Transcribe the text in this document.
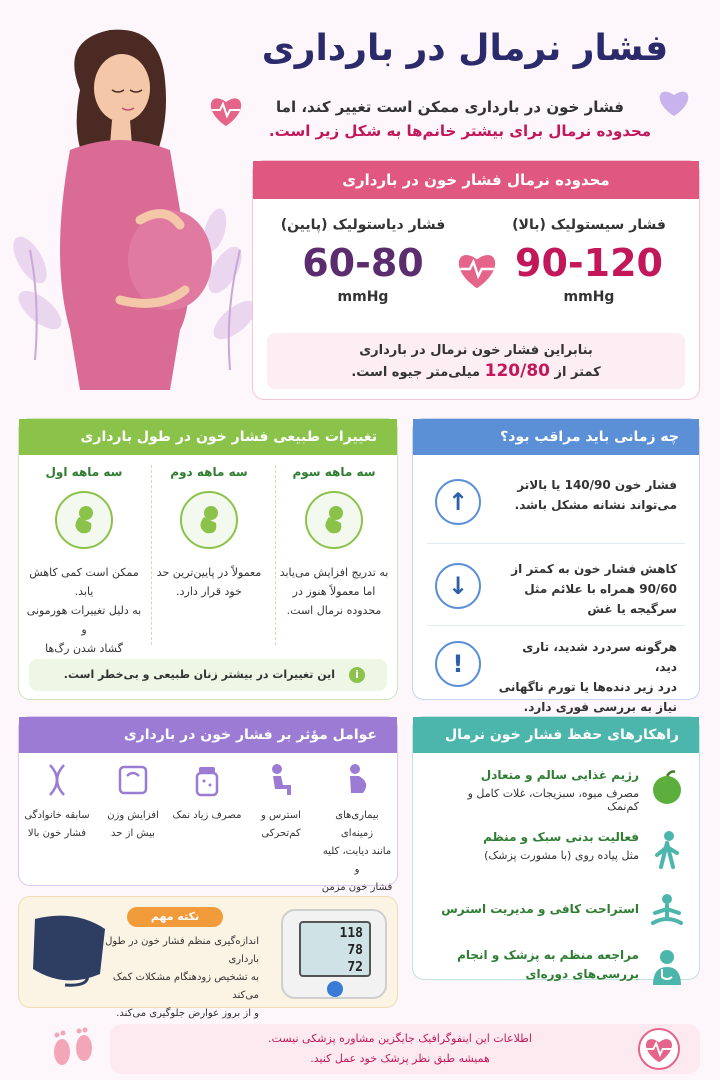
فشار نرمال در بارداری

فشار خون در بارداری ممکن است تغییر کند، اما

محدوده نرمال برای بیشتر خانم‌ها به شکل زیر است.

محدوده نرمال فشار خون در بارداری
فشار سیستولیک (بالا)
90-120
mmHg
فشار دیاستولیک (پایین)
60-80
mmHg
بنابراین فشار خون نرمال در بارداری
کمتر از 120/80 میلی‌متر جیوه است.
تغییرات طبیعی فشار خون در طول بارداری
سه ماهه اول
ممکن است کمی کاهش یابد.
به دلیل تغییرات هورمونی و
گشاد شدن رگ‌ها
سه ماهه دوم
معمولاً در پایین‌ترین حد
خود قرار دارد.
سه ماهه سوم
به تدریج افزایش می‌یابد
اما معمولاً هنوز در
محدوده نرمال است.
i
این تغییرات در بیشتر زنان طبیعی و بی‌خطر است.
چه زمانی باید مراقب بود؟
فشار خون 140/90 یا بالاتر
می‌تواند نشانه مشکل باشد.
↑
کاهش فشار خون به کمتر از
90/60 همراه با علائم مثل
سرگیجه یا غش
↓
هرگونه سردرد شدید، تاری دید،
درد زیر دنده‌ها یا تورم ناگهانی
نیاز به بررسی فوری دارد.
!
عوامل مؤثر بر فشار خون در بارداری
بیماری‌های زمینه‌ای
مانند دیابت، کلیه و
فشار خون مزمن
استرس و
کم‌تحرکی
مصرف زیاد نمک
افزایش وزن
بیش از حد
سابقه خانوادگی
فشار خون بالا
راهکارهای حفظ فشار خون نرمال
رژیم غذایی سالم و متعادل
مصرف میوه، سبزیجات، غلات کامل و کم‌نمک
فعالیت بدنی سبک و منظم
مثل پیاده روی (با مشورت پزشک)
استراحت کافی و مدیریت استرس
مراجعه منظم به پزشک و انجام
بررسی‌های دوره‌ای
نکته مهم
اندازه‌گیری منظم فشار خون در طول بارداری
به تشخیص زودهنگام مشکلات کمک می‌کند
و از بروز عوارض جلوگیری می‌کند.
118
78
72
اطلاعات این اینفوگرافیک جایگزین مشاوره پزشکی نیست.
همیشه طبق نظر پزشک خود عمل کنید.
